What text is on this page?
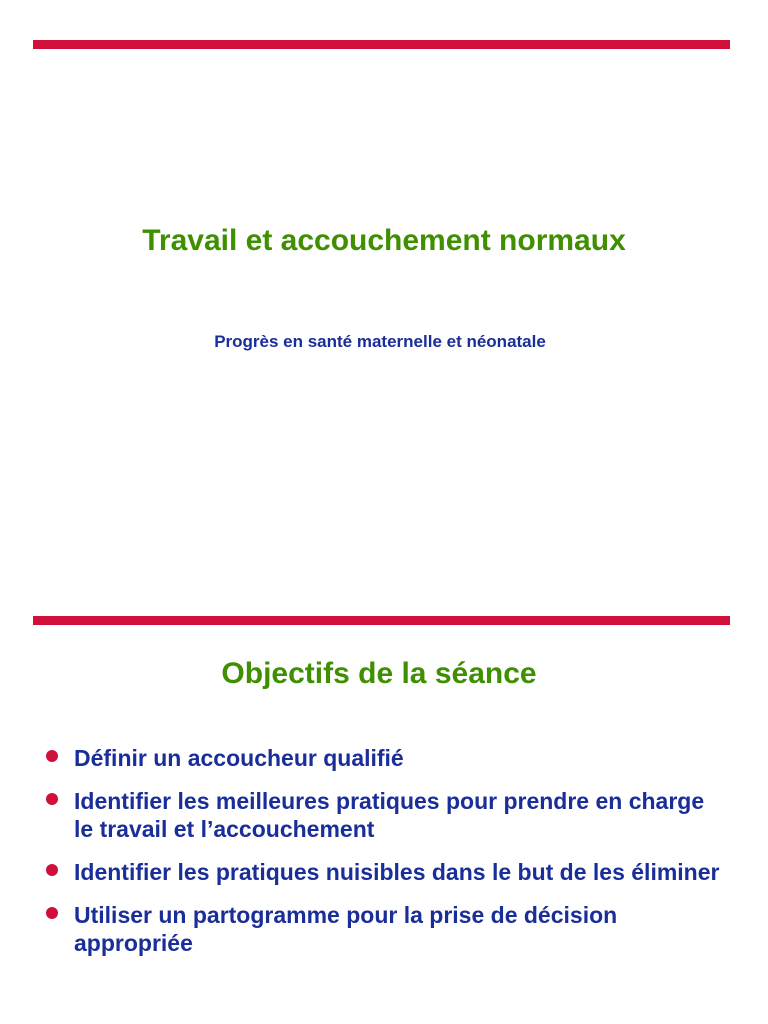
Travail et accouchement normaux

Progrès en santé maternelle et néonatale

Objectifs de la séance
Définir un accoucheur qualifié
Identifier les meilleures pratiques pour prendre en charge le travail et l’accouchement
Identifier les pratiques nuisibles dans le but de les éliminer
Utiliser un partogramme pour la prise de décision appropriée
